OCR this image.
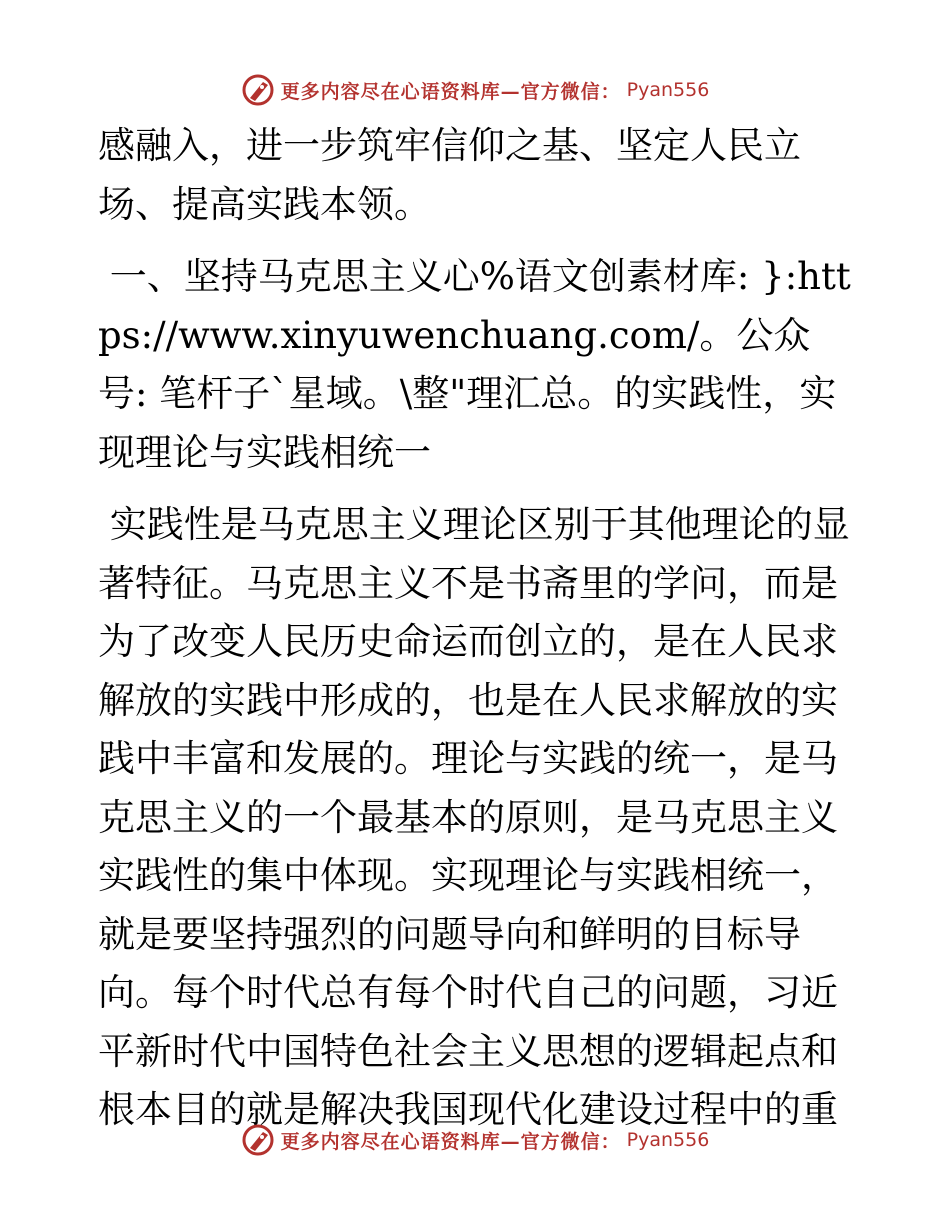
更多内容尽在心语资料库—官方微信： Pyan556

感融入，进一步筑牢信仰之基、坚定人民立场、提高实践本领。

一、坚持马克思主义心%语文创素材库: }:https://www.xinyuwenchuang.com/。公众号: 笔杆子`星域。\整"理汇总。的实践性，实现理论与实践相统一

实践性是马克思主义理论区别于其他理论的显著特征。马克思主义不是书斋里的学问，而是为了改变人民历史命运而创立的，是在人民求解放的实践中形成的，也是在人民求解放的实践中丰富和发展的。理论与实践的统一，是马克思主义的一个最基本的原则，是马克思主义实践性的集中体现。实现理论与实践相统一，就是要坚持强烈的问题导向和鲜明的目标导向。每个时代总有每个时代自己的问题，习近平新时代中国特色社会主义思想的逻辑起点和根本目的就是解决我国现代化建设过程中的重

更多内容尽在心语资料库—官方微信： Pyan556
